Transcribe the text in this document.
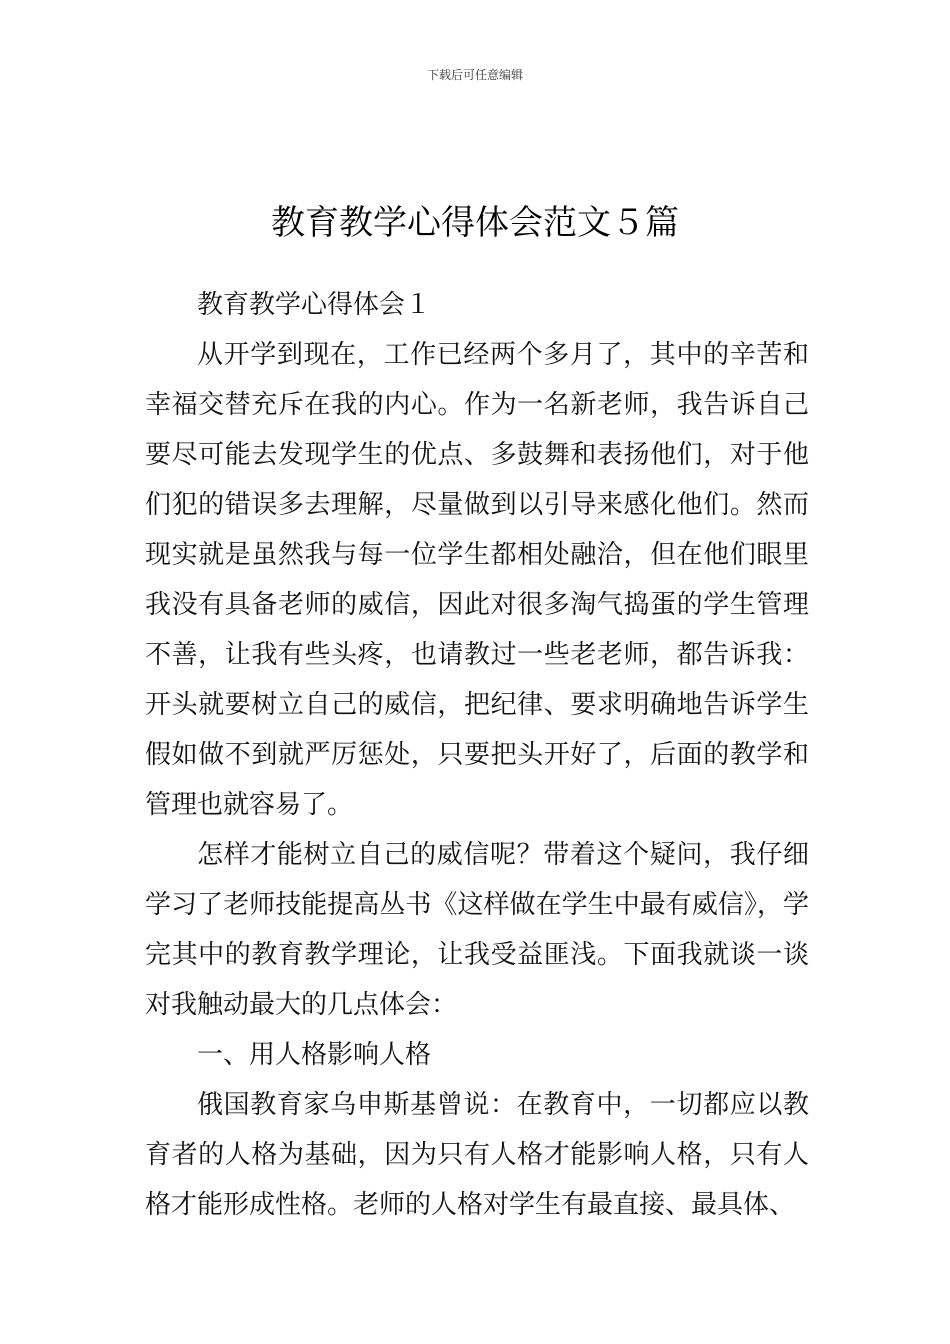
下载后可任意编辑
教育教学心得体会范文５篇

教育教学心得体会１

从开学到现在，工作已经两个多月了，其中的辛苦和幸福交替充斥在我的内心。作为一名新老师，我告诉自己要尽可能去发现学生的优点、多鼓舞和表扬他们，对于他们犯的错误多去理解，尽量做到以引导来感化他们。然而现实就是虽然我与每一位学生都相处融洽，但在他们眼里我没有具备老师的威信，因此对很多淘气捣蛋的学生管理不善，让我有些头疼，也请教过一些老老师，都告诉我：开头就要树立自己的威信，把纪律、要求明确地告诉学生假如做不到就严厉惩处，只要把头开好了，后面的教学和管理也就容易了。

怎样才能树立自己的威信呢？带着这个疑问，我仔细学习了老师技能提高丛书《这样做在学生中最有威信》，学完其中的教育教学理论，让我受益匪浅。下面我就谈一谈对我触动最大的几点体会：

一、用人格影响人格

俄国教育家乌申斯基曾说：在教育中，一切都应以教育者的人格为基础，因为只有人格才能影响人格，只有人格才能形成性格。老师的人格对学生有最直接、最具体、
